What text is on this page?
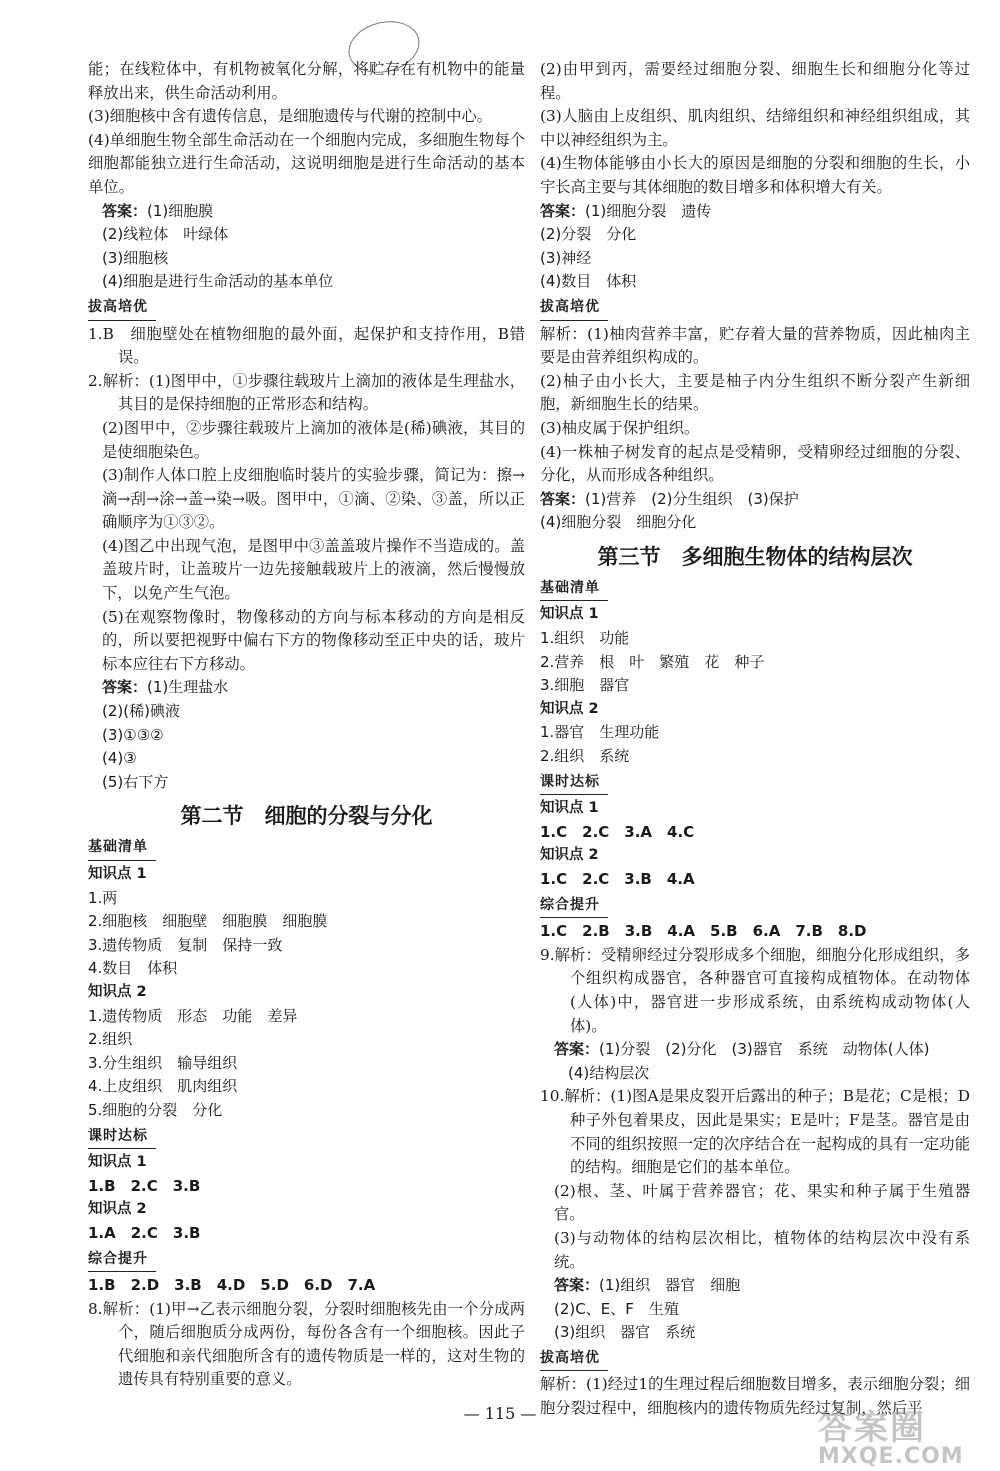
能；在线粒体中，有机物被氧化分解，将贮存在有机物中的能量释放出来，供生命活动利用。

(3)细胞核中含有遗传信息，是细胞遗传与代谢的控制中心。

(4)单细胞生物全部生命活动在一个细胞内完成，多细胞生物每个细胞都能独立进行生命活动，这说明细胞是进行生命活动的基本单位。

答案：(1)细胞膜
(2)线粒体　叶绿体
(3)细胞核
(4)细胞是进行生命活动的基本单位
拔高培优

1.B　细胞壁处在植物细胞的最外面，起保护和支持作用，B错误。

2.解析：(1)图甲中，①步骤往载玻片上滴加的液体是生理盐水，其目的是保持细胞的正常形态和结构。

(2)图甲中，②步骤往载玻片上滴加的液体是(稀)碘液，其目的是使细胞染色。

(3)制作人体口腔上皮细胞临时装片的实验步骤，简记为：擦→滴→刮→涂→盖→染→吸。图甲中，①滴、②染、③盖，所以正确顺序为①③②。

(4)图乙中出现气泡，是图甲中③盖盖玻片操作不当造成的。盖盖玻片时，让盖玻片一边先接触载玻片上的液滴，然后慢慢放下，以免产生气泡。

(5)在观察物像时，物像移动的方向与标本移动的方向是相反的，所以要把视野中偏右下方的物像移动至正中央的话，玻片标本应往右下方移动。

答案：(1)生理盐水
(2)(稀)碘液
(3)①③②
(4)③
(5)右下方
第二节　细胞的分裂与分化
基础清单
知识点 1
1.两
2.细胞核　细胞壁　细胞膜　细胞膜
3.遗传物质　复制　保持一致
4.数目　体积
知识点 2
1.遗传物质　形态　功能　差异
2.组织
3.分生组织　输导组织
4.上皮组织　肌肉组织
5.细胞的分裂　分化
课时达标
知识点 1
1.B　2.C　3.B
知识点 2
1.A　2.C　3.B
综合提升
1.B　2.D　3.B　4.D　5.D　6.D　7.A

8.解析：(1)甲→乙表示细胞分裂，分裂时细胞核先由一个分成两个，随后细胞质分成两份，每份各含有一个细胞核。因此子代细胞和亲代细胞所含有的遗传物质是一样的，这对生物的遗传具有特别重要的意义。

(2)由甲到丙，需要经过细胞分裂、细胞生长和细胞分化等过程。

(3)人脑由上皮组织、肌肉组织、结缔组织和神经组织组成，其中以神经组织为主。

(4)生物体能够由小长大的原因是细胞的分裂和细胞的生长，小宇长高主要与其体细胞的数目增多和体积增大有关。

答案：(1)细胞分裂　遗传
(2)分裂　分化
(3)神经
(4)数目　体积
拔高培优

解析：(1)柚肉营养丰富，贮存着大量的营养物质，因此柚肉主要是由营养组织构成的。

(2)柚子由小长大，主要是柚子内分生组织不断分裂产生新细胞，新细胞生长的结果。

(3)柚皮属于保护组织。

(4)一株柚子树发育的起点是受精卵，受精卵经过细胞的分裂、分化，从而形成各种组织。

答案：(1)营养　(2)分生组织　(3)保护
(4)细胞分裂　细胞分化
第三节　多细胞生物体的结构层次
基础清单
知识点 1
1.组织　功能
2.营养　根　叶　繁殖　花　种子
3.细胞　器官
知识点 2
1.器官　生理功能
2.组织　系统
课时达标
知识点 1
1.C　2.C　3.A　4.C
知识点 2
1.C　2.C　3.B　4.A
综合提升
1.C　2.B　3.B　4.A　5.B　6.A　7.B　8.D

9.解析：受精卵经过分裂形成多个细胞，细胞分化形成组织，多个组织构成器官，各种器官可直接构成植物体。在动物体(人体)中，器官进一步形成系统，由系统构成动物体(人体)。

答案：(1)分裂　(2)分化　(3)器官　系统　动物体(人体)
(4)结构层次

10.解析：(1)图A是果皮裂开后露出的种子；B是花；C是根；D种子外包着果皮，因此是果实；E是叶；F是茎。器官是由不同的组织按照一定的次序结合在一起构成的具有一定功能的结构。细胞是它们的基本单位。

(2)根、茎、叶属于营养器官；花、果实和种子属于生殖器官。

(3)与动物体的结构层次相比，植物体的结构层次中没有系统。

答案：(1)组织　器官　细胞
(2)C、E、F　生殖
(3)组织　器官　系统
拔高培优

解析：(1)经过1的生理过程后细胞数目增多，表示细胞分裂；细胞分裂过程中，细胞核内的遗传物质先经过复制，然后平

— 115 —	答案圈
MXQE.COM
